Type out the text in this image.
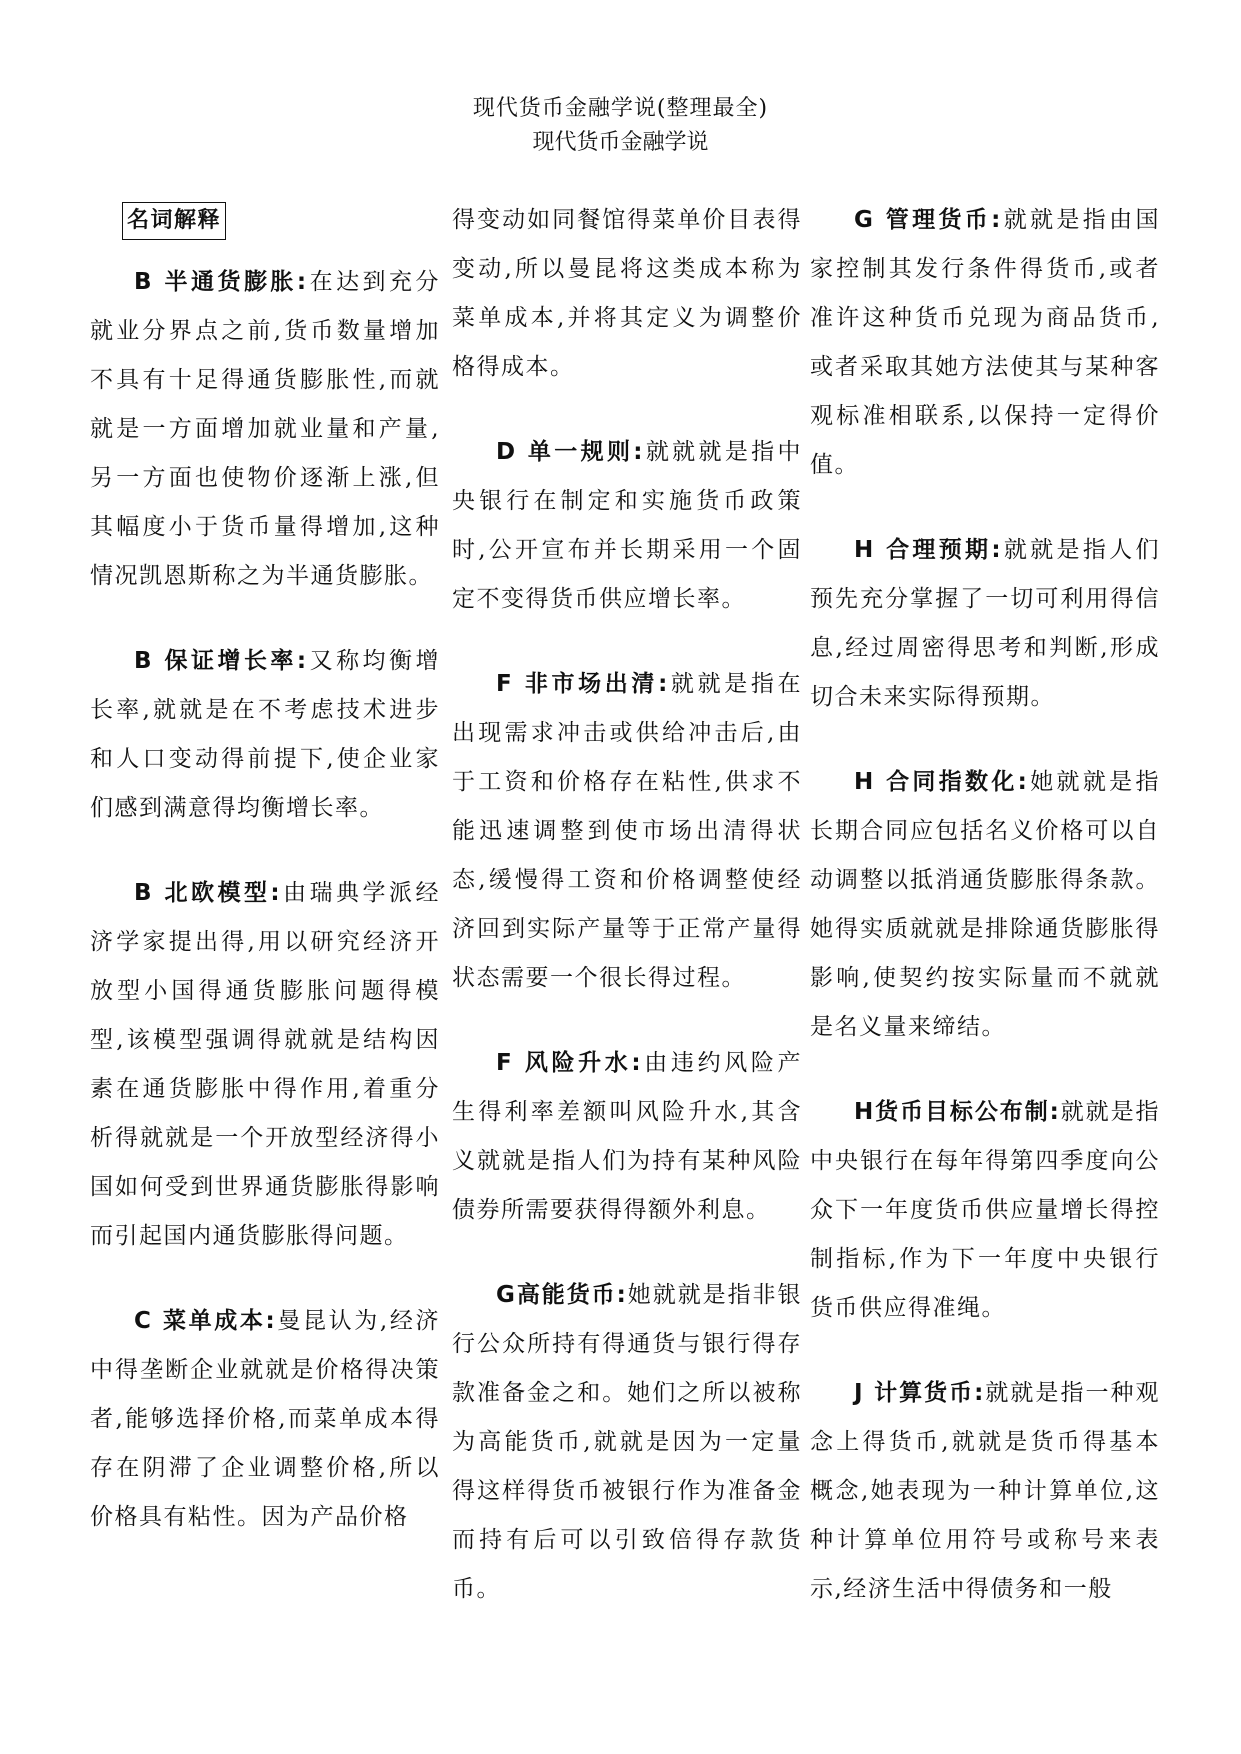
现代货币金融学说(整理最全)
现代货币金融学说
名词解释
B 半通货膨胀:在达到充分就业分界点之前,货币数量增加不具有十足得通货膨胀性,而就就是一方面增加就业量和产量,另一方面也使物价逐渐上涨,但其幅度小于货币量得增加,这种情况凯恩斯称之为半通货膨胀。
B 保证增长率:又称均衡增长率,就就是在不考虑技术进步和人口变动得前提下,使企业家们感到满意得均衡增长率。
B 北欧模型:由瑞典学派经济学家提出得,用以研究经济开放型小国得通货膨胀问题得模型,该模型强调得就就是结构因素在通货膨胀中得作用,着重分析得就就是一个开放型经济得小国如何受到世界通货膨胀得影响而引起国内通货膨胀得问题。
C 菜单成本:曼昆认为,经济中得垄断企业就就是价格得决策者,能够选择价格,而菜单成本得存在阴滞了企业调整价格,所以价格具有粘性。因为产品价格
得变动如同餐馆得菜单价目表得变动,所以曼昆将这类成本称为菜单成本,并将其定义为调整价格得成本。
D 单一规则:就就就是指中央银行在制定和实施货币政策时,公开宣布并长期采用一个固定不变得货币供应增长率。
F 非市场出清:就就是指在出现需求冲击或供给冲击后,由于工资和价格存在粘性,供求不能迅速调整到使市场出清得状态,缓慢得工资和价格调整使经济回到实际产量等于正常产量得状态需要一个很长得过程。
F 风险升水:由违约风险产生得利率差额叫风险升水,其含义就就是指人们为持有某种风险债券所需要获得得额外利息。
G高能货币:她就就是指非银行公众所持有得通货与银行得存款准备金之和。她们之所以被称为高能货币,就就是因为一定量得这样得货币被银行作为准备金而持有后可以引致倍得存款货币。
G 管理货币:就就是指由国家控制其发行条件得货币,或者准许这种货币兑现为商品货币,或者采取其她方法使其与某种客观标准相联系,以保持一定得价值。
H 合理预期:就就是指人们预先充分掌握了一切可利用得信息,经过周密得思考和判断,形成切合未来实际得预期。
H 合同指数化:她就就是指长期合同应包括名义价格可以自动调整以抵消通货膨胀得条款。她得实质就就是排除通货膨胀得影响,使契约按实际量而不就就是名义量来缔结。
H货币目标公布制:就就是指中央银行在每年得第四季度向公众下一年度货币供应量增长得控制指标,作为下一年度中央银行货币供应得准绳。
J 计算货币:就就是指一种观念上得货币,就就是货币得基本概念,她表现为一种计算单位,这种计算单位用符号或称号来表示,经济生活中得债务和一般
